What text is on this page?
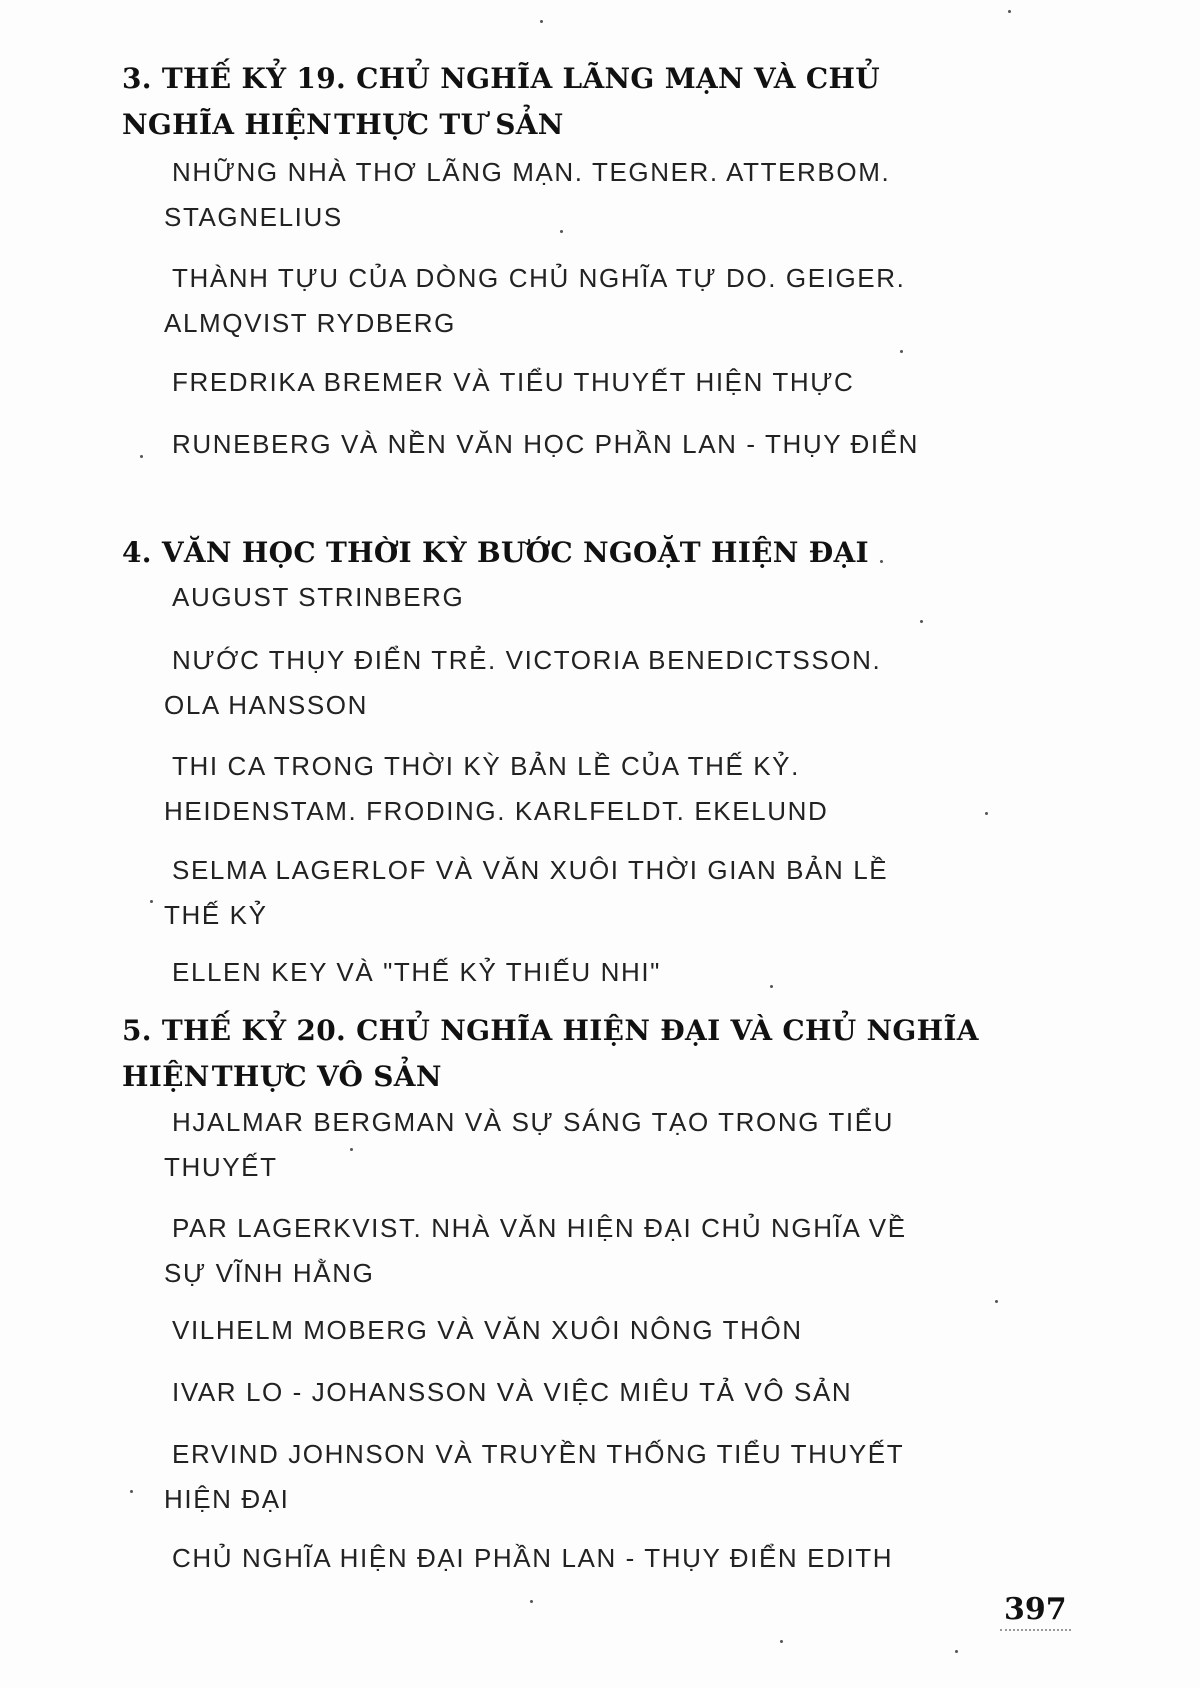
3. THẾ KỶ 19. CHỦ NGHĨA LÃNG MẠN VÀ CHỦ NGHĨA HIỆN THỰC TƯ SẢN
NHỮNG NHÀ THƠ LÃNG MẠN. TEGNER. ATTERBOM.
STAGNELIUS
THÀNH TỰU CỦA DÒNG CHỦ NGHĨA TỰ DO. GEIGER.
ALMQVIST RYDBERG
FREDRIKA BREMER VÀ TIỂU THUYẾT HIỆN THỰC
RUNEBERG VÀ NỀN VĂN HỌC PHẦN LAN - THỤY ĐIỂN
4. VĂN HỌC THỜI KỲ BƯỚC NGOẶT HIỆN ĐẠI
AUGUST STRINBERG
NƯỚC THỤY ĐIỂN TRẺ. VICTORIA BENEDICTSSON.
OLA HANSSON
THI CA TRONG THỜI KỲ BẢN LỀ CỦA THẾ KỶ.
HEIDENSTAM. FRODING. KARLFELDT. EKELUND
SELMA LAGERLOF VÀ VĂN XUÔI THỜI GIAN BẢN LỀ
THẾ KỶ
ELLEN KEY VÀ "THẾ KỶ THIẾU NHI"
5. THẾ KỶ 20. CHỦ NGHĨA HIỆN ĐẠI VÀ CHỦ NGHĨA HIỆN THỰC VÔ SẢN
HJALMAR BERGMAN VÀ SỰ SÁNG TẠO TRONG TIỂU
THUYẾT
PAR LAGERKVIST. NHÀ VĂN HIỆN ĐẠI CHỦ NGHĨA VỀ
SỰ VĨNH HẰNG
VILHELM MOBERG VÀ VĂN XUÔI NÔNG THÔN
IVAR LO - JOHANSSON VÀ VIỆC MIÊU TẢ VÔ SẢN
ERVIND JOHNSON VÀ TRUYỀN THỐNG TIỂU THUYẾT
HIỆN ĐẠI
CHỦ NGHĨA HIỆN ĐẠI PHẦN LAN - THỤY ĐIỂN EDITH
397
